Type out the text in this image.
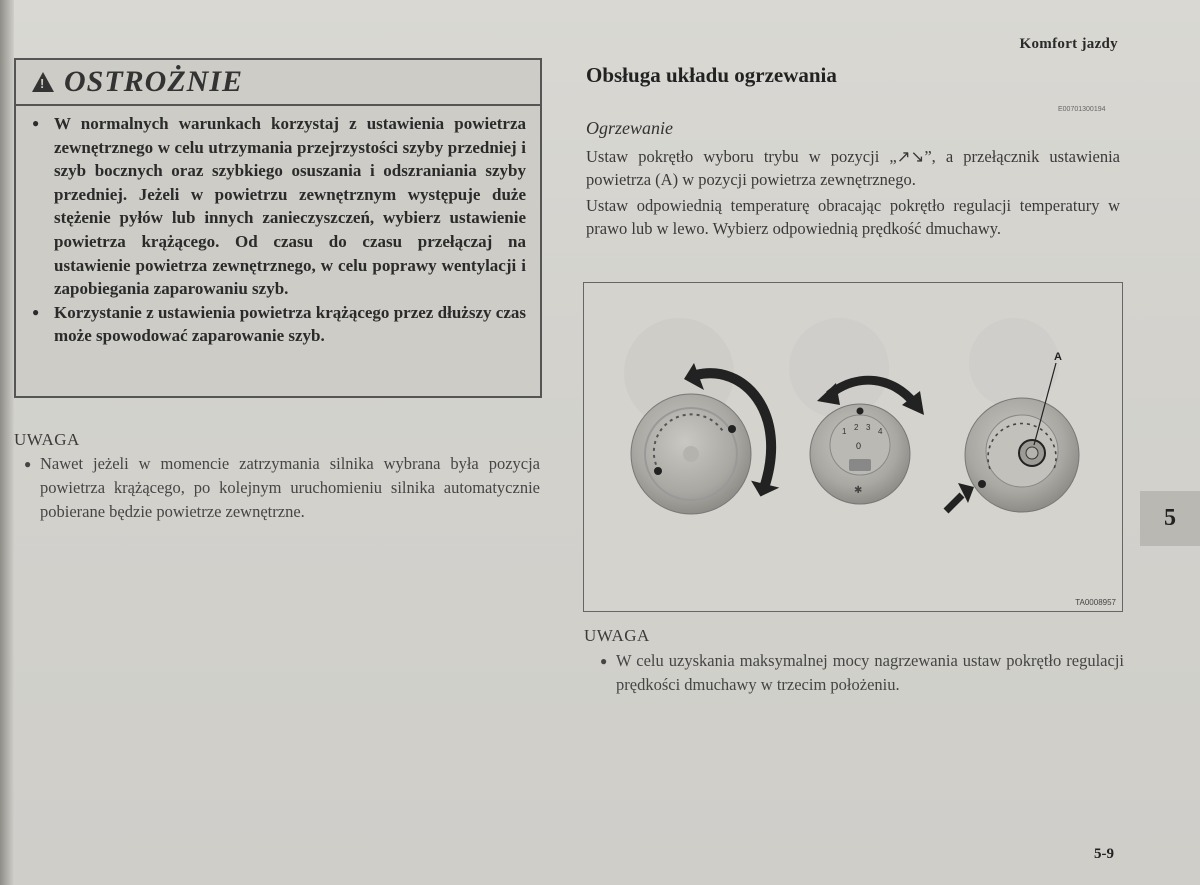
Komfort jazdy
!
OSTROŻNIE
● W normalnych warunkach korzystaj z ustawienia powietrza zewnętrznego w celu utrzymania przejrzystości szyby przedniej i szyb bocznych oraz szybkiego osuszania i odszraniania szyby przedniej. Jeżeli w powietrzu zewnętrznym występuje duże stężenie pyłów lub innych zanieczyszczeń, wybierz ustawienie powietrza krążącego. Od czasu do czasu przełączaj na ustawienie powietrza zewnętrznego, w celu poprawy wentylacji i zapobiegania zaparowaniu szyb.
● Korzystanie z ustawienia powietrza krążącego przez dłuższy czas może spowodować zaparowanie szyb.
UWAGA
● Nawet jeżeli w momencie zatrzymania silnika wybrana była pozycja powietrza krążącego, po kolejnym uruchomieniu silnika automatycznie pobierane będzie powietrze zewnętrzne.
Obsługa układu ogrzewania
E00701300194
Ogrzewanie

Ustaw pokrętło wyboru trybu w pozycji „↗↘”, a przełącznik ustawienia powietrza (A) w pozycji powietrza zewnętrznego.

Ustaw odpowiednią temperaturę obracając pokrętło regulacji temperatury w prawo lub w lewo. Wybierz odpowiednią prędkość dmuchawy.

1 2 3 4
0
✱
A
TA0008957
UWAGA
● W celu uzyskania maksymalnej mocy nagrzewania ustaw pokrętło regulacji prędkości dmuchawy w trzecim położeniu.
5
5-9
